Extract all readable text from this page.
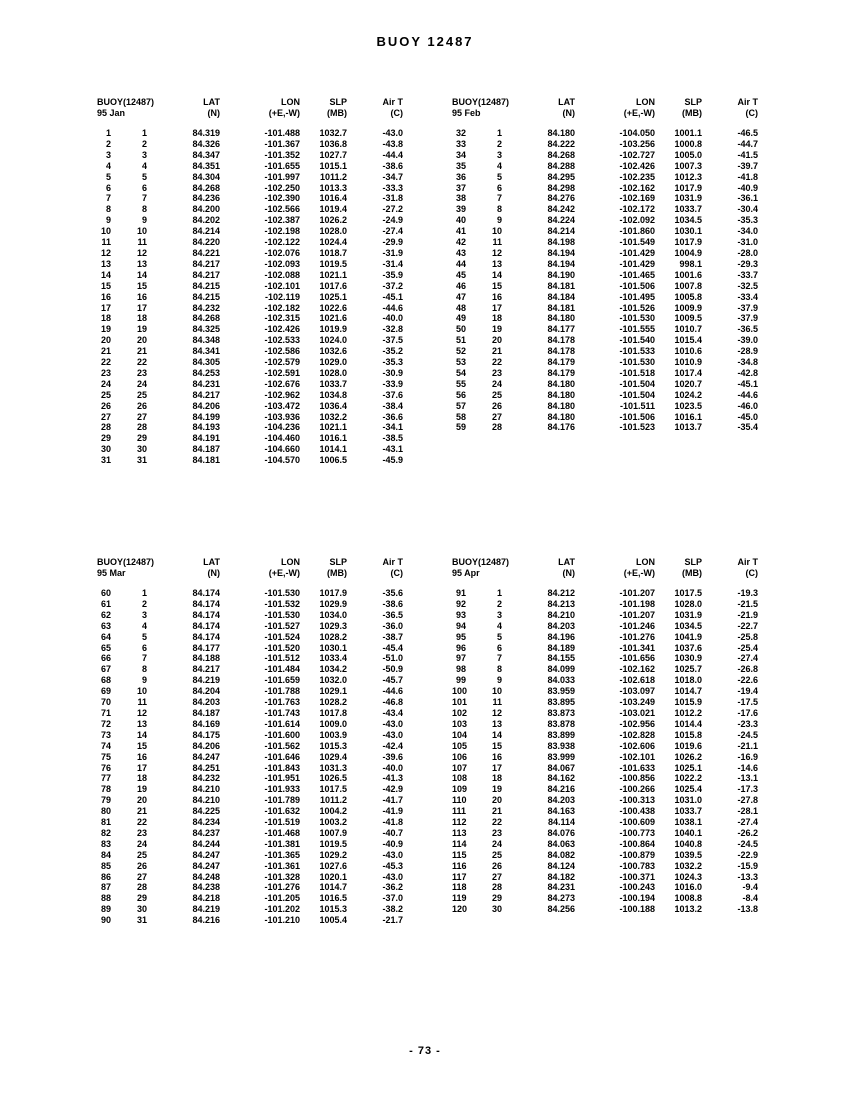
BUOY 12487
BUOY(12487)	LAT	LON	SLP	Air T
95 Jan	(N)	(+E,-W)	(MB)	(C)
1	1	84.319	-101.488	1032.7	-43.0
2	2	84.326	-101.367	1036.8	-43.8
3	3	84.347	-101.352	1027.7	-44.4
4	4	84.351	-101.655	1015.1	-38.6
5	5	84.304	-101.997	1011.2	-34.7
6	6	84.268	-102.250	1013.3	-33.3
7	7	84.236	-102.390	1016.4	-31.8
8	8	84.200	-102.566	1019.4	-27.2
9	9	84.202	-102.387	1026.2	-24.9
10	10	84.214	-102.198	1028.0	-27.4
11	11	84.220	-102.122	1024.4	-29.9
12	12	84.221	-102.076	1018.7	-31.9
13	13	84.217	-102.093	1019.5	-31.4
14	14	84.217	-102.088	1021.1	-35.9
15	15	84.215	-102.101	1017.6	-37.2
16	16	84.215	-102.119	1025.1	-45.1
17	17	84.232	-102.182	1022.6	-44.6
18	18	84.268	-102.315	1021.6	-40.0
19	19	84.325	-102.426	1019.9	-32.8
20	20	84.348	-102.533	1024.0	-37.5
21	21	84.341	-102.586	1032.6	-35.2
22	22	84.305	-102.579	1029.0	-35.3
23	23	84.253	-102.591	1028.0	-30.9
24	24	84.231	-102.676	1033.7	-33.9
25	25	84.217	-102.962	1034.8	-37.6
26	26	84.206	-103.472	1036.4	-38.4
27	27	84.199	-103.936	1032.2	-36.6
28	28	84.193	-104.236	1021.1	-34.1
29	29	84.191	-104.460	1016.1	-38.5
30	30	84.187	-104.660	1014.1	-43.1
31	31	84.181	-104.570	1006.5	-45.9
BUOY(12487)	LAT	LON	SLP	Air T
95 Feb	(N)	(+E,-W)	(MB)	(C)
32	1	84.180	-104.050	1001.1	-46.5
33	2	84.222	-103.256	1000.8	-44.7
34	3	84.268	-102.727	1005.0	-41.5
35	4	84.288	-102.426	1007.3	-39.7
36	5	84.295	-102.235	1012.3	-41.8
37	6	84.298	-102.162	1017.9	-40.9
38	7	84.276	-102.169	1031.9	-36.1
39	8	84.242	-102.172	1033.7	-30.4
40	9	84.224	-102.092	1034.5	-35.3
41	10	84.214	-101.860	1030.1	-34.0
42	11	84.198	-101.549	1017.9	-31.0
43	12	84.194	-101.429	1004.9	-28.0
44	13	84.194	-101.429	998.1	-29.3
45	14	84.190	-101.465	1001.6	-33.7
46	15	84.181	-101.506	1007.8	-32.5
47	16	84.184	-101.495	1005.8	-33.4
48	17	84.181	-101.526	1009.9	-37.9
49	18	84.180	-101.530	1009.5	-37.9
50	19	84.177	-101.555	1010.7	-36.5
51	20	84.178	-101.540	1015.4	-39.0
52	21	84.178	-101.533	1010.6	-28.9
53	22	84.179	-101.530	1010.9	-34.8
54	23	84.179	-101.518	1017.4	-42.8
55	24	84.180	-101.504	1020.7	-45.1
56	25	84.180	-101.504	1024.2	-44.6
57	26	84.180	-101.511	1023.5	-46.0
58	27	84.180	-101.506	1016.1	-45.0
59	28	84.176	-101.523	1013.7	-35.4
BUOY(12487)	LAT	LON	SLP	Air T
95 Mar	(N)	(+E,-W)	(MB)	(C)
60	1	84.174	-101.530	1017.9	-35.6
61	2	84.174	-101.532	1029.9	-38.6
62	3	84.174	-101.530	1034.0	-36.5
63	4	84.174	-101.527	1029.3	-36.0
64	5	84.174	-101.524	1028.2	-38.7
65	6	84.177	-101.520	1030.1	-45.4
66	7	84.188	-101.512	1033.4	-51.0
67	8	84.217	-101.484	1034.2	-50.9
68	9	84.219	-101.659	1032.0	-45.7
69	10	84.204	-101.788	1029.1	-44.6
70	11	84.203	-101.763	1028.2	-46.8
71	12	84.187	-101.743	1017.8	-43.4
72	13	84.169	-101.614	1009.0	-43.0
73	14	84.175	-101.600	1003.9	-43.0
74	15	84.206	-101.562	1015.3	-42.4
75	16	84.247	-101.646	1029.4	-39.6
76	17	84.251	-101.843	1031.3	-40.0
77	18	84.232	-101.951	1026.5	-41.3
78	19	84.210	-101.933	1017.5	-42.9
79	20	84.210	-101.789	1011.2	-41.7
80	21	84.225	-101.632	1004.2	-41.9
81	22	84.234	-101.519	1003.2	-41.8
82	23	84.237	-101.468	1007.9	-40.7
83	24	84.244	-101.381	1019.5	-40.9
84	25	84.247	-101.365	1029.2	-43.0
85	26	84.247	-101.361	1027.6	-45.3
86	27	84.248	-101.328	1020.1	-43.0
87	28	84.238	-101.276	1014.7	-36.2
88	29	84.218	-101.205	1016.5	-37.0
89	30	84.219	-101.202	1015.3	-38.2
90	31	84.216	-101.210	1005.4	-21.7
BUOY(12487)	LAT	LON	SLP	Air T
95 Apr	(N)	(+E,-W)	(MB)	(C)
91	1	84.212	-101.207	1017.5	-19.3
92	2	84.213	-101.198	1028.0	-21.5
93	3	84.210	-101.207	1031.9	-21.9
94	4	84.203	-101.246	1034.5	-22.7
95	5	84.196	-101.276	1041.9	-25.8
96	6	84.189	-101.341	1037.6	-25.4
97	7	84.155	-101.656	1030.9	-27.4
98	8	84.099	-102.162	1025.7	-26.8
99	9	84.033	-102.618	1018.0	-22.6
100	10	83.959	-103.097	1014.7	-19.4
101	11	83.895	-103.249	1015.9	-17.5
102	12	83.873	-103.021	1012.2	-17.6
103	13	83.878	-102.956	1014.4	-23.3
104	14	83.899	-102.828	1015.8	-24.5
105	15	83.938	-102.606	1019.6	-21.1
106	16	83.999	-102.101	1026.2	-16.9
107	17	84.067	-101.633	1025.1	-14.6
108	18	84.162	-100.856	1022.2	-13.1
109	19	84.216	-100.266	1025.4	-17.3
110	20	84.203	-100.313	1031.0	-27.8
111	21	84.163	-100.438	1033.7	-28.1
112	22	84.114	-100.609	1038.1	-27.4
113	23	84.076	-100.773	1040.1	-26.2
114	24	84.063	-100.864	1040.8	-24.5
115	25	84.082	-100.879	1039.5	-22.9
116	26	84.124	-100.783	1032.2	-15.9
117	27	84.182	-100.371	1024.3	-13.3
118	28	84.231	-100.243	1016.0	-9.4
119	29	84.273	-100.194	1008.8	-8.4
120	30	84.256	-100.188	1013.2	-13.8
- 73 -
